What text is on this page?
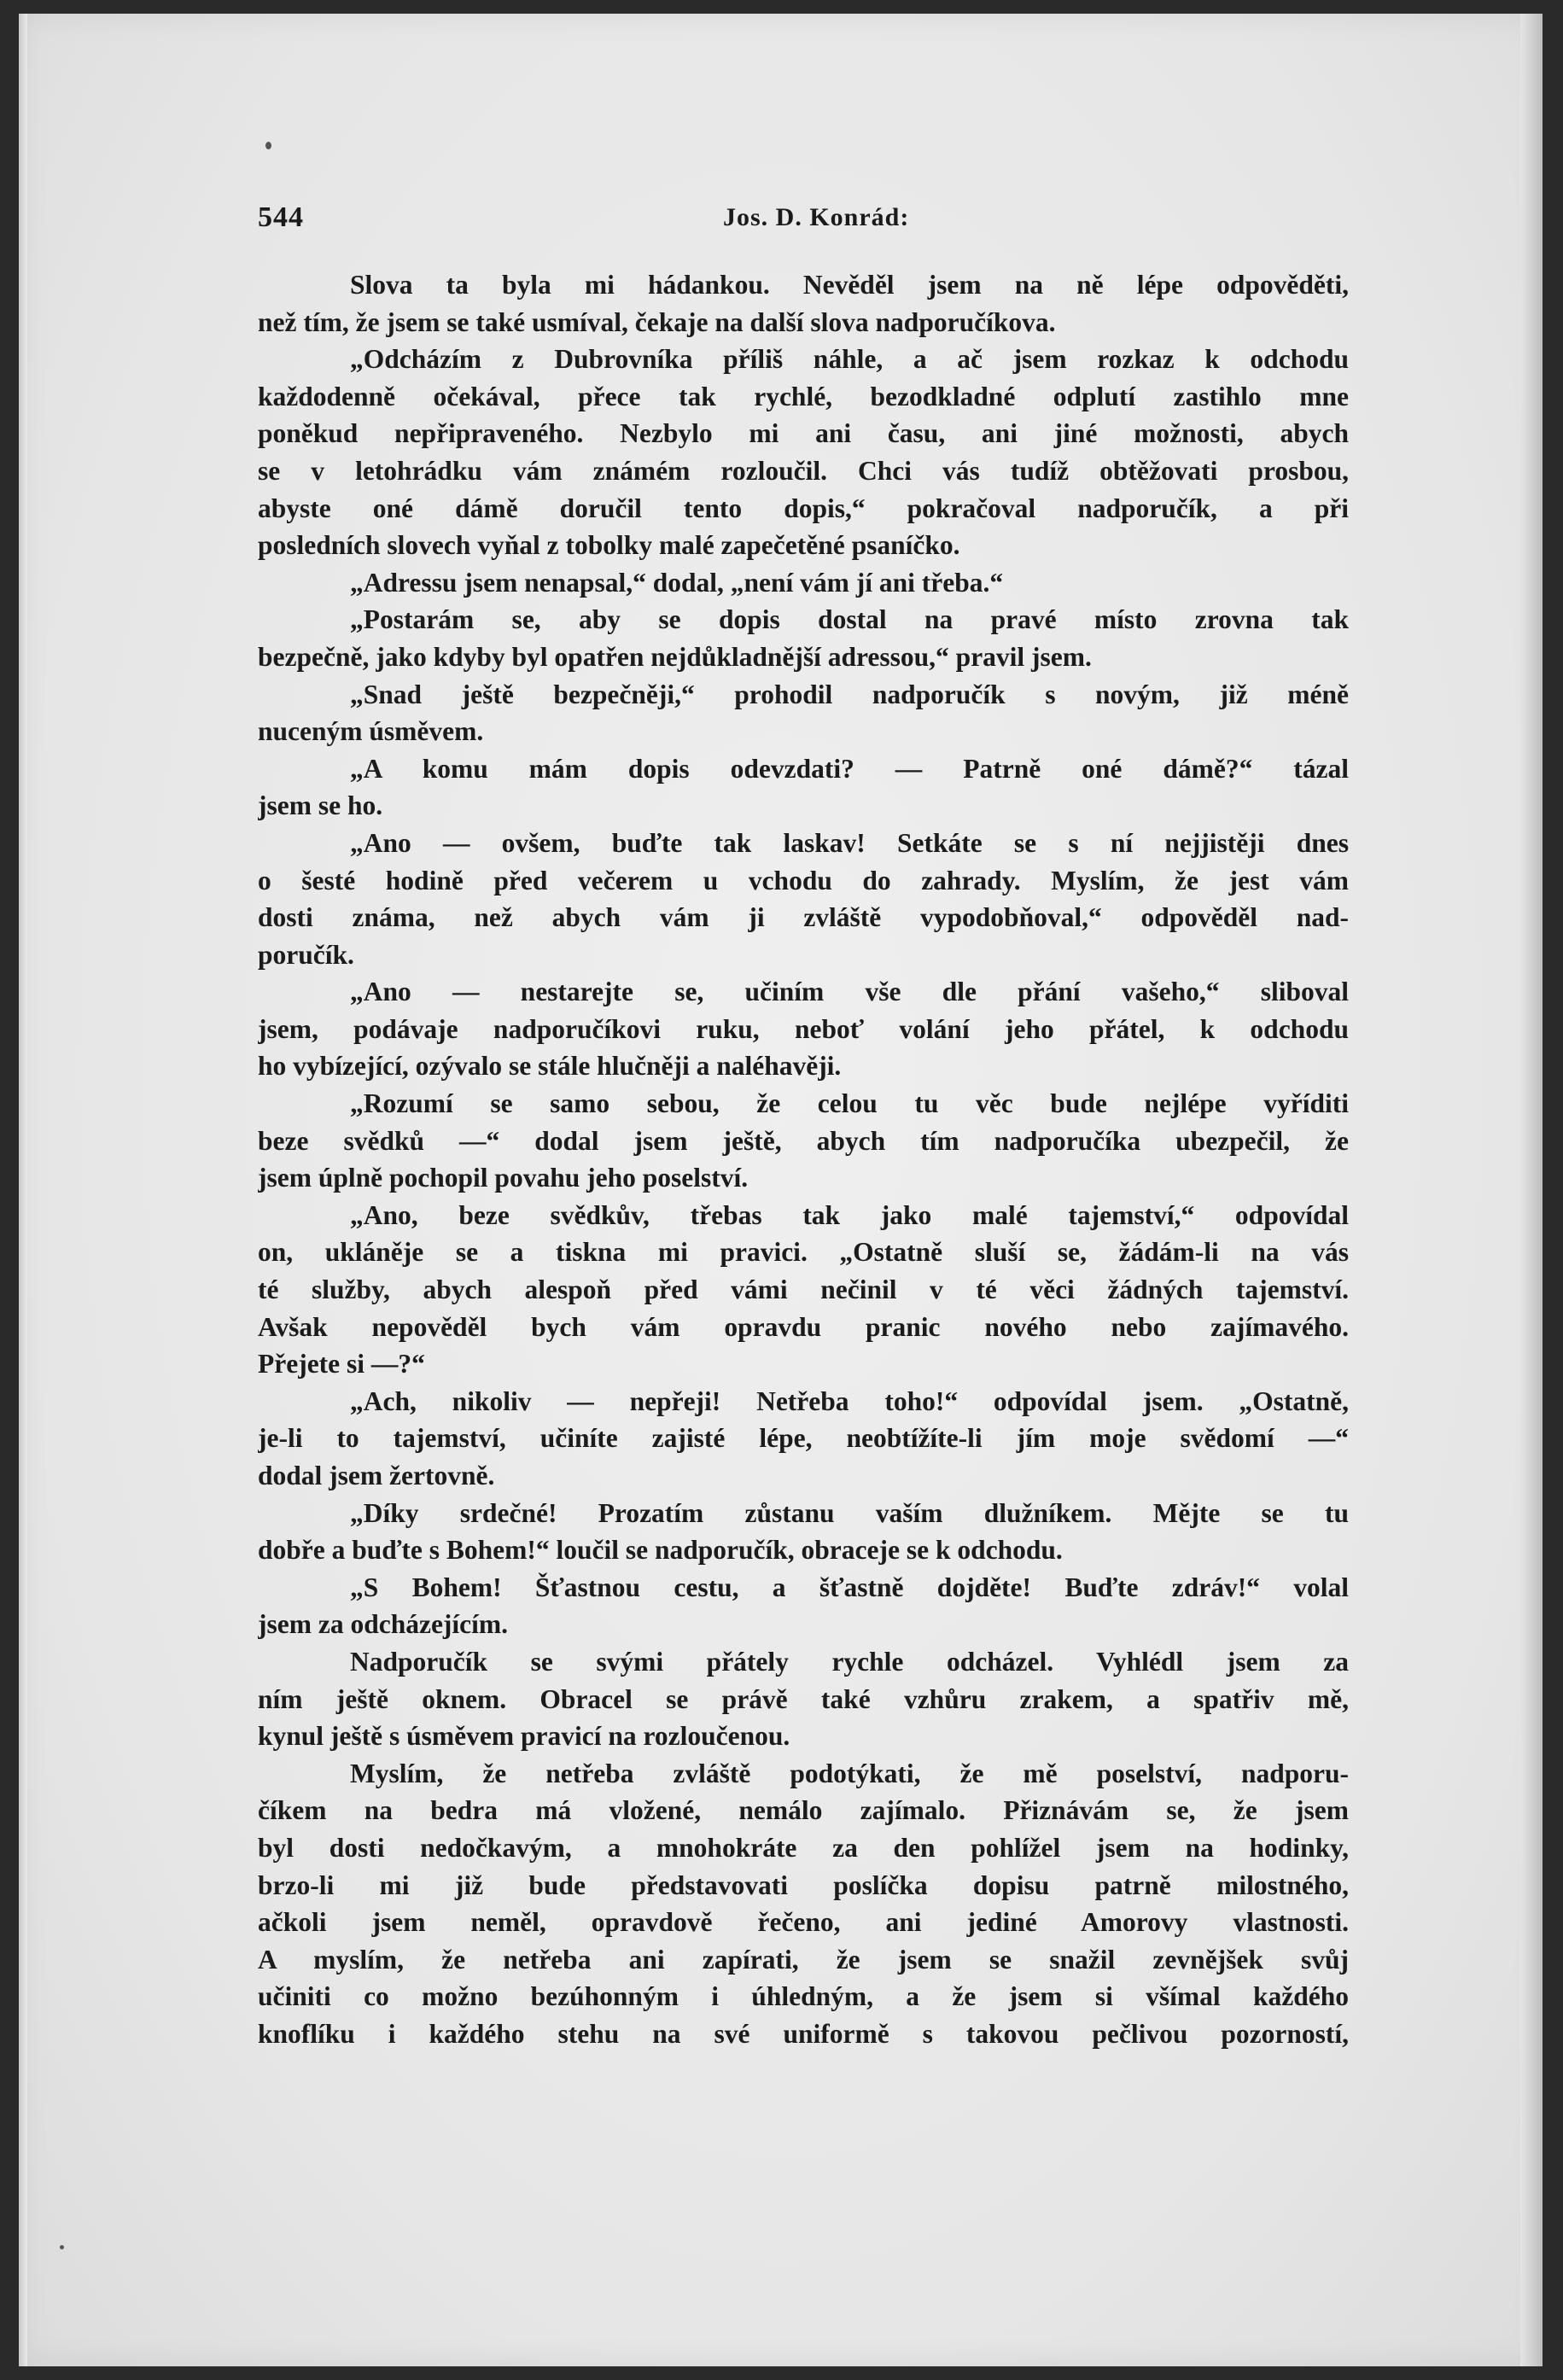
544	Jos. D. Konrád:
Slova ta byla mi hádankou. Nevěděl jsem na ně lépe odpověděti,
než tím, že jsem se také usmíval, čekaje na další slova nadporučíkova.
„Odcházím z Dubrovníka příliš náhle, a ač jsem rozkaz k odchodu
každodenně očekával, přece tak rychlé, bezodkladné odplutí zastihlo mne
poněkud nepřipraveného. Nezbylo mi ani času, ani jiné možnosti, abych
se v letohrádku vám známém rozloučil. Chci vás tudíž obtěžovati prosbou,
abyste oné dámě doručil tento dopis,“ pokračoval nadporučík, a při
posledních slovech vyňal z tobolky malé zapečetěné psaníčko.
„Adressu jsem nenapsal,“ dodal, „není vám jí ani třeba.“
„Postarám se, aby se dopis dostal na pravé místo zrovna tak
bezpečně, jako kdyby byl opatřen nejdůkladnější adressou,“ pravil jsem.
„Snad ještě bezpečněji,“ prohodil nadporučík s novým, již méně
nuceným úsměvem.
„A komu mám dopis odevzdati? — Patrně oné dámě?“ tázal
jsem se ho.
„Ano — ovšem, buďte tak laskav! Setkáte se s ní nejjistěji dnes
o šesté hodině před večerem u vchodu do zahrady. Myslím, že jest vám
dosti známa, než abych vám ji zvláště vypodobňoval,“ odpověděl nad-
poručík.
„Ano — nestarejte se, učiním vše dle přání vašeho,“ sliboval
jsem, podávaje nadporučíkovi ruku, neboť volání jeho přátel, k odchodu
ho vybízející, ozývalo se stále hlučněji a naléhavěji.
„Rozumí se samo sebou, že celou tu věc bude nejlépe vyříditi
beze svědků —“ dodal jsem ještě, abych tím nadporučíka ubezpečil, že
jsem úplně pochopil povahu jeho poselství.
„Ano, beze svědkův, třebas tak jako malé tajemství,“ odpovídal
on, ukláněje se a tiskna mi pravici. „Ostatně sluší se, žádám-li na vás
té služby, abych alespoň před vámi nečinil v té věci žádných tajemství.
Avšak nepověděl bych vám opravdu pranic nového nebo zajímavého.
Přejete si —?“
„Ach, nikoliv — nepřeji! Netřeba toho!“ odpovídal jsem. „Ostatně,
je-li to tajemství, učiníte zajisté lépe, neobtížíte-li jím moje svědomí —“
dodal jsem žertovně.
„Díky srdečné! Prozatím zůstanu vaším dlužníkem. Mějte se tu
dobře a buďte s Bohem!“ loučil se nadporučík, obraceje se k odchodu.
„S Bohem! Šťastnou cestu, a šťastně dojděte! Buďte zdráv!“ volal
jsem za odcházejícím.
Nadporučík se svými přátely rychle odcházel. Vyhlédl jsem za
ním ještě oknem. Obracel se právě také vzhůru zrakem, a spatřiv mě,
kynul ještě s úsměvem pravicí na rozloučenou.
Myslím, že netřeba zvláště podotýkati, že mě poselství, nadporu-
číkem na bedra má vložené, nemálo zajímalo. Přiznávám se, že jsem
byl dosti nedočkavým, a mnohokráte za den pohlížel jsem na hodinky,
brzo-li mi již bude představovati poslíčka dopisu patrně milostného,
ačkoli jsem neměl, opravdově řečeno, ani jediné Amorovy vlastnosti.
A myslím, že netřeba ani zapírati, že jsem se snažil zevnějšek svůj
učiniti co možno bezúhonným i úhledným, a že jsem si všímal každého
knoflíku i každého stehu na své uniformě s takovou pečlivou pozorností,
